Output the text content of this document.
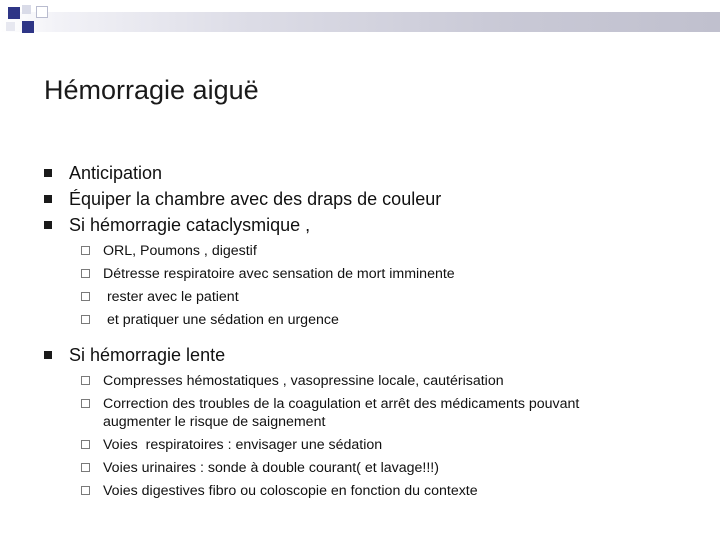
Hémorragie aiguë
Anticipation
Équiper la chambre avec des draps de couleur
Si hémorragie cataclysmique ,
ORL, Poumons , digestif
Détresse respiratoire avec sensation de mort imminente
rester avec le patient
et pratiquer une sédation en urgence
Si hémorragie lente
Compresses hémostatiques , vasopressine locale, cautérisation
Correction des troubles de la coagulation et arrêt des médicaments pouvant
augmenter le risque de saignement
Voies  respiratoires : envisager une sédation
Voies urinaires : sonde à double courant( et lavage!!!)
Voies digestives fibro ou coloscopie en fonction du contexte
